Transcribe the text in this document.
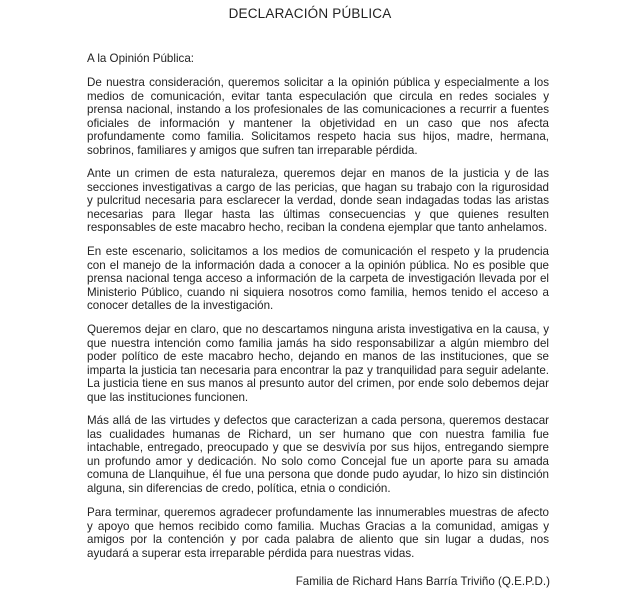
DECLARACIÓN PÚBLICA
A la Opinión Pública:

De nuestra consideración, queremos solicitar a la opinión pública y especialmente a los medios de comunicación, evitar tanta especulación que circula en redes sociales y prensa nacional, instando a los profesionales de las comunicaciones a recurrir a fuentes oficiales de información y mantener la objetividad en un caso que nos afecta profundamente como familia. Solicitamos respeto hacia sus hijos, madre, hermana, sobrinos, familiares y amigos que sufren tan irreparable pérdida.

Ante un crimen de esta naturaleza, queremos dejar en manos de la justicia y de las secciones investigativas a cargo de las pericias, que hagan su trabajo con la rigurosidad y pulcritud necesaria para esclarecer la verdad, donde sean indagadas todas las aristas necesarias para llegar hasta las últimas consecuencias y que quienes resulten responsables de este macabro hecho, reciban la condena ejemplar que tanto anhelamos.

En este escenario, solicitamos a los medios de comunicación el respeto y la prudencia con el manejo de la información dada a conocer a la opinión pública. No es posible que prensa nacional tenga acceso a información de la carpeta de investigación llevada por el Ministerio Público, cuando ni siquiera nosotros como familia, hemos tenido el acceso a conocer detalles de la investigación.

Queremos dejar en claro, que no descartamos ninguna arista investigativa en la causa, y que nuestra intención como familia jamás ha sido responsabilizar a algún miembro del poder político de este macabro hecho, dejando en manos de las instituciones, que se imparta la justicia tan necesaria para encontrar la paz y tranquilidad para seguir adelante. La justicia tiene en sus manos al presunto autor del crimen, por ende solo debemos dejar que las instituciones funcionen.

Más allá de las virtudes y defectos que caracterizan a cada persona, queremos destacar las cualidades humanas de Richard, un ser humano que con nuestra familia fue intachable, entregado, preocupado y que se desvivía por sus hijos, entregando siempre un profundo amor y dedicación. No solo como Concejal fue un aporte para su amada comuna de Llanquihue, él fue una persona que donde pudo ayudar, lo hizo sin distinción alguna, sin diferencias de credo, política, etnia o condición.

Para terminar, queremos agradecer profundamente las innumerables muestras de afecto y apoyo que hemos recibido como familia. Muchas Gracias a la comunidad, amigas y amigos por la contención y por cada palabra de aliento que sin lugar a dudas, nos ayudará a superar esta irreparable pérdida para nuestras vidas.

Familia de Richard Hans Barría Triviño (Q.E.P.D.)
